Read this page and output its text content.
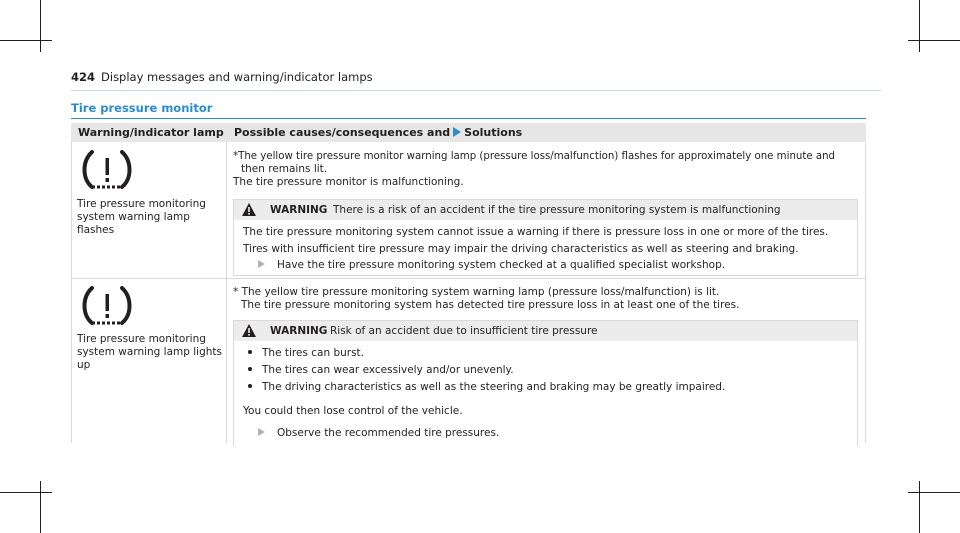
424 Display messages and warning/indicator lamps
Tire pressure monitor
Warning/indicator lamp Possible causes/consequences and Solutions
Tire pressure monitoring
system warning lamp
flashes
*The yellow tire pressure monitor warning lamp (pressure loss/malfunction) flashes for approximately one minute and
then remains lit.
The tire pressure monitor is malfunctioning.
WARNING There is a risk of an accident if the tire pressure monitoring system is malfunctioning
The tire pressure monitoring system cannot issue a warning if there is pressure loss in one or more of the tires.
Tires with insufficient tire pressure may impair the driving characteristics as well as steering and braking.
Have the tire pressure monitoring system checked at a qualified specialist workshop.
Tire pressure monitoring
system warning lamp lights
up
* The yellow tire pressure monitoring system warning lamp (pressure loss/malfunction) is lit.
The tire pressure monitoring system has detected tire pressure loss in at least one of the tires.
WARNING Risk of an accident due to insufficient tire pressure
The tires can burst.
The tires can wear excessively and/or unevenly.
The driving characteristics as well as the steering and braking may be greatly impaired.
You could then lose control of the vehicle.
Observe the recommended tire pressures.
